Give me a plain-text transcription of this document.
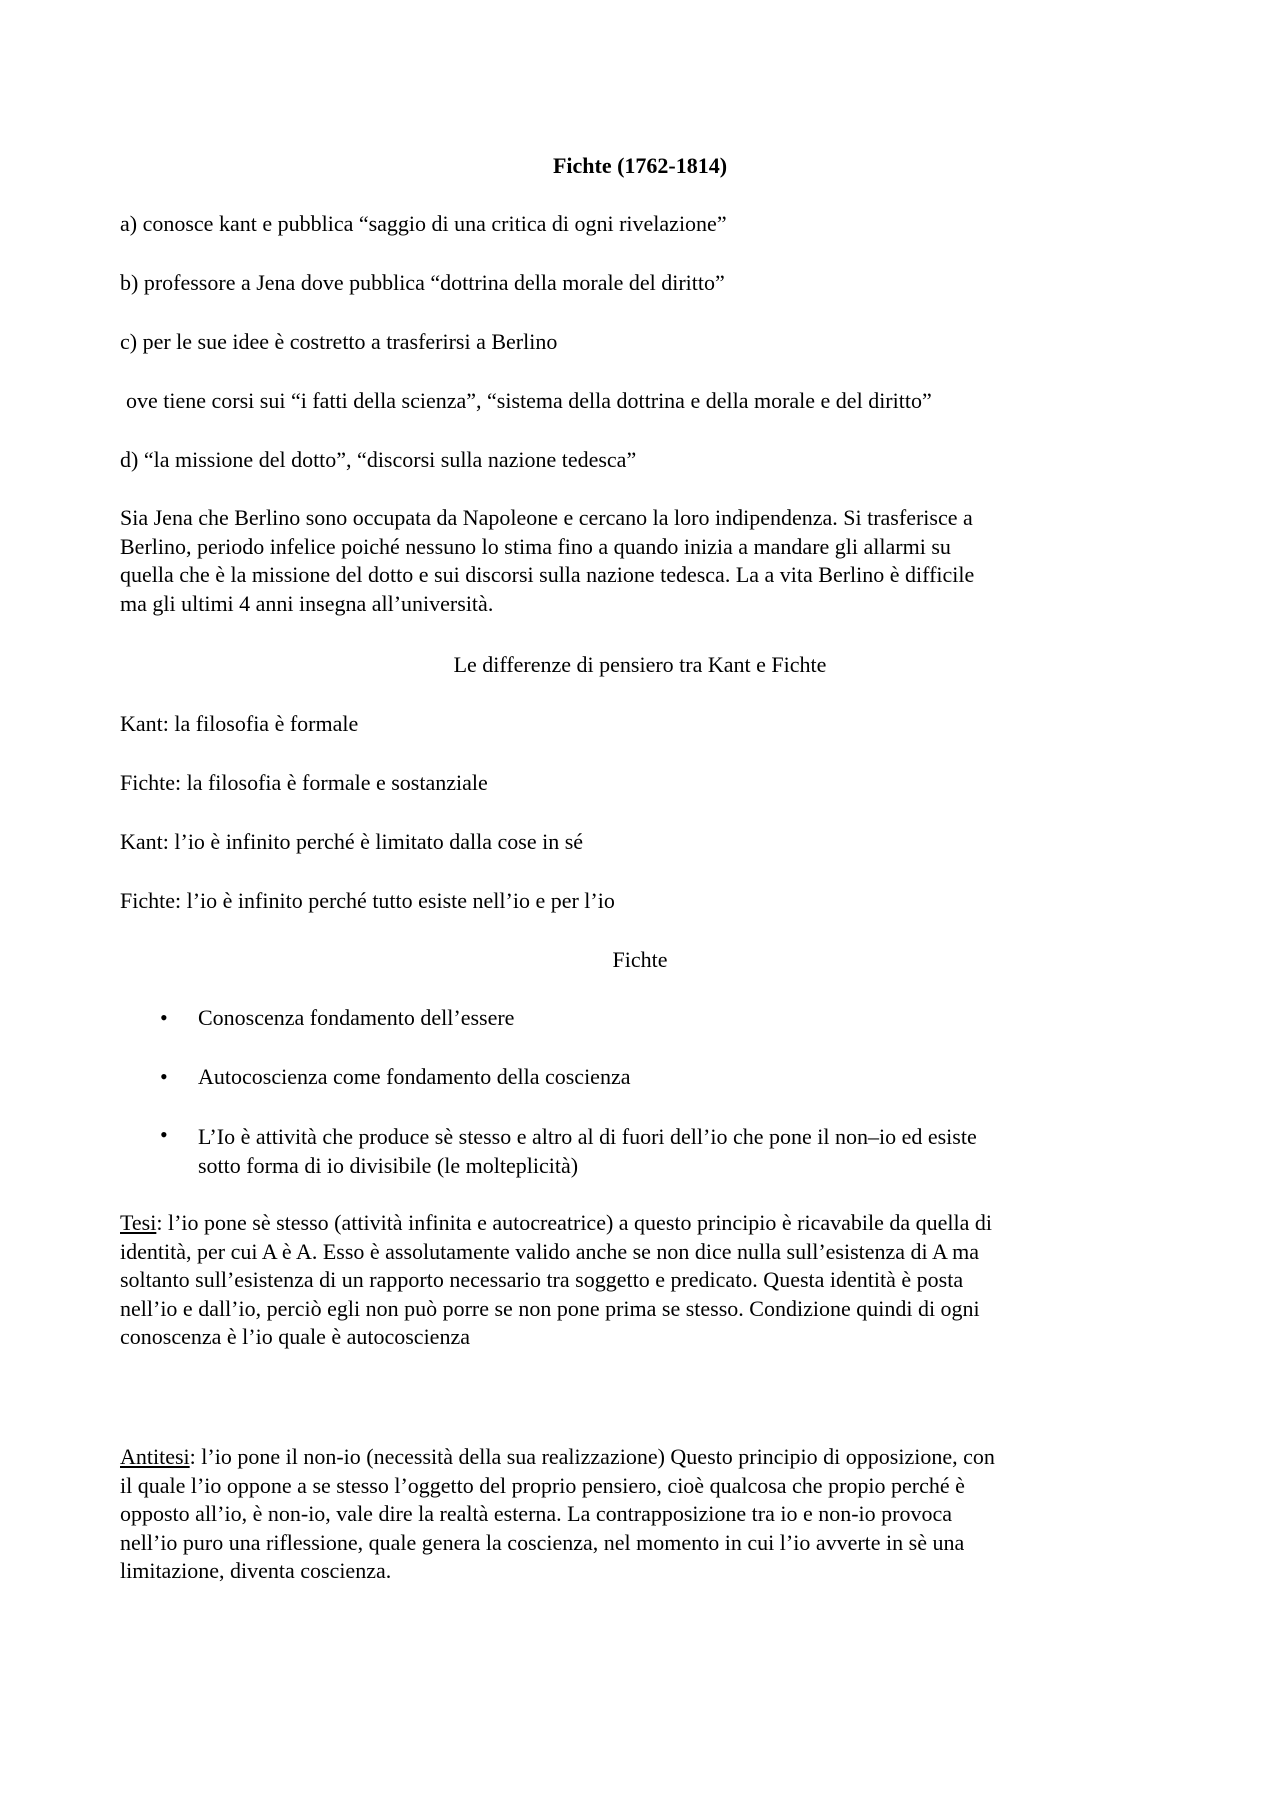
Fichte (1762-1814)
a) conosce kant e pubblica “saggio di una critica di ogni rivelazione”
b) professore a Jena dove pubblica “dottrina della morale del diritto”
c) per le sue idee è costretto a trasferirsi a Berlino
ove tiene corsi sui “i fatti della scienza”, “sistema della dottrina e della morale e del diritto”
d) “la missione del dotto”, “discorsi sulla nazione tedesca”
Sia Jena che Berlino sono occupata da Napoleone e cercano la loro indipendenza. Si trasferisce a
Berlino, periodo infelice poiché nessuno lo stima fino a quando inizia a mandare gli allarmi su
quella che è la missione del dotto e sui discorsi sulla nazione tedesca. La a vita Berlino è difficile
ma gli ultimi 4 anni insegna all’università.
Le differenze di pensiero tra Kant e Fichte
Kant: la filosofia è formale
Fichte: la filosofia è formale e sostanziale
Kant: l’io è infinito perché è limitato dalla cose in sé
Fichte: l’io è infinito perché tutto esiste nell’io e per l’io
Fichte
• Conoscenza fondamento dell’essere
• Autocoscienza come fondamento della coscienza
• L’Io è attività che produce sè stesso e altro al di fuori dell’io che pone il non–io ed esiste
sotto forma di io divisibile (le molteplicità)
Tesi: l’io pone sè stesso (attività infinita e autocreatrice) a questo principio è ricavabile da quella di
identità, per cui A è A. Esso è assolutamente valido anche se non dice nulla sull’esistenza di A ma
soltanto sull’esistenza di un rapporto necessario tra soggetto e predicato. Questa identità è posta
nell’io e dall’io, perciò egli non può porre se non pone prima se stesso. Condizione quindi di ogni
conoscenza è l’io quale è autocoscienza
Antitesi: l’io pone il non-io (necessità della sua realizzazione) Questo principio di opposizione, con
il quale l’io oppone a se stesso l’oggetto del proprio pensiero, cioè qualcosa che propio perché è
opposto all’io, è non-io, vale dire la realtà esterna. La contrapposizione tra io e non-io provoca
nell’io puro una riflessione, quale genera la coscienza, nel momento in cui l’io avverte in sè una
limitazione, diventa coscienza.
